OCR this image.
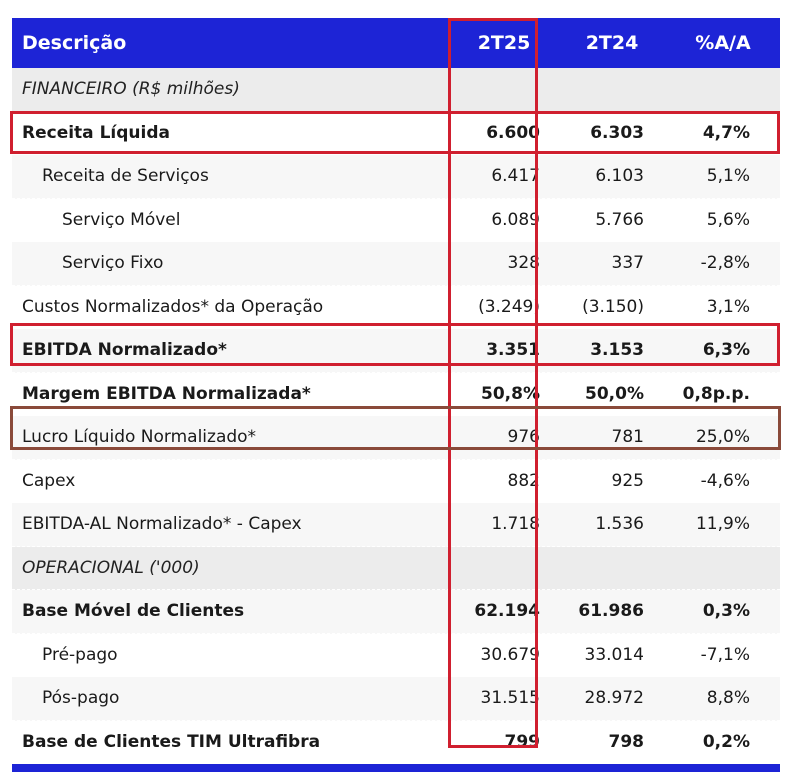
Descrição	2T25	2T24	%A/A
FINANCEIRO (R$ milhões)
Receita Líquida	6.600	6.303	4,7%
Receita de Serviços	6.417	6.103	5,1%
Serviço Móvel	6.089	5.766	5,6%
Serviço Fixo	328	337	-2,8%
Custos Normalizados* da Operação	(3.249)	(3.150)	3,1%
EBITDA Normalizado*	3.351	3.153	6,3%
Margem EBITDA Normalizada*	50,8%	50,0%	0,8p.p.
Lucro Líquido Normalizado*	976	781	25,0%
Capex	882	925	-4,6%
EBITDA-AL Normalizado* - Capex	1.718	1.536	11,9%
OPERACIONAL ('000)
Base Móvel de Clientes	62.194	61.986	0,3%
Pré-pago	30.679	33.014	-7,1%
Pós-pago	31.515	28.972	8,8%
Base de Clientes TIM Ultrafibra	799	798	0,2%
